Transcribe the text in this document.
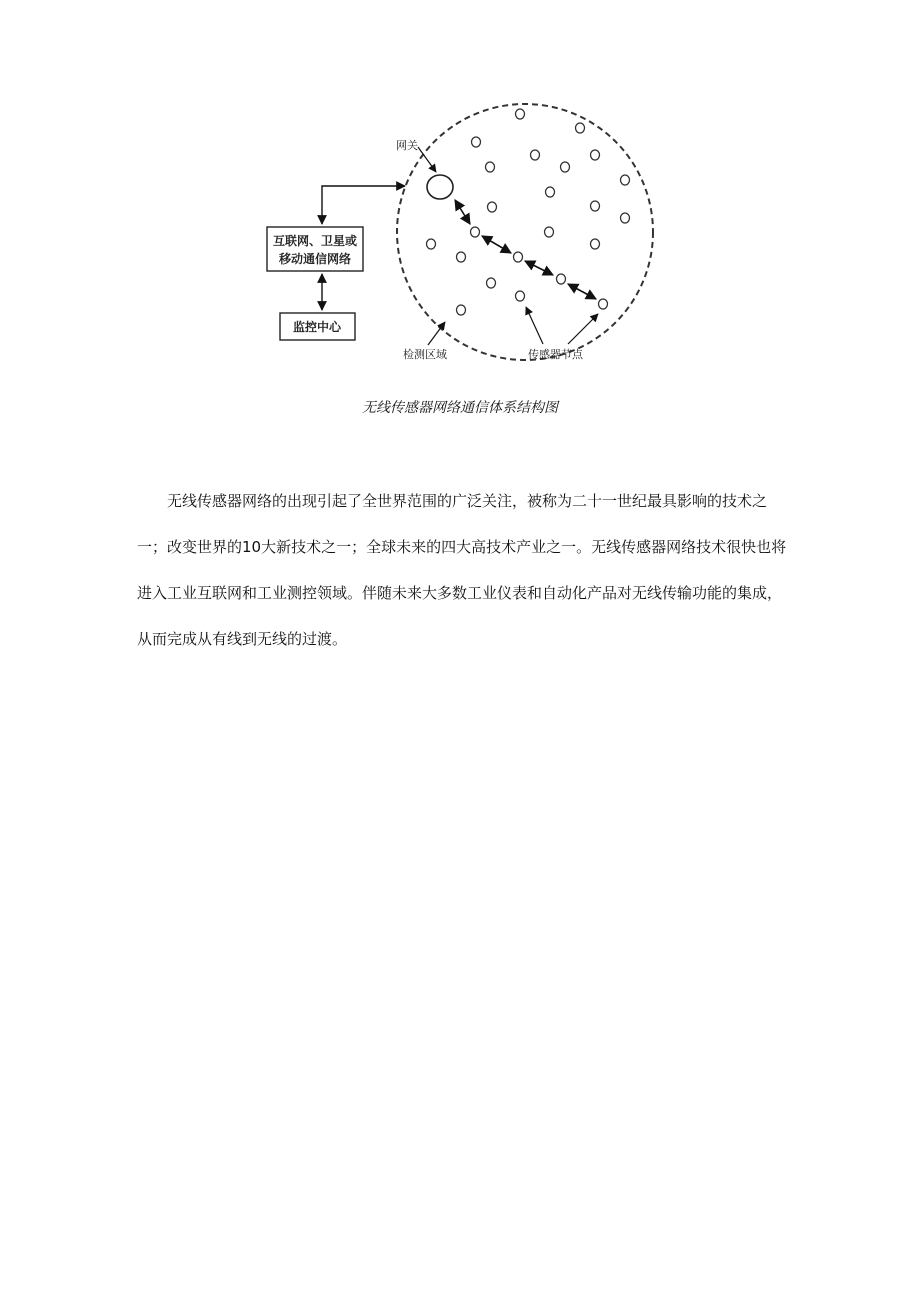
互联网、卫星或
移动通信网络
监控中心
网关
检测区域	传感器节点
无线传感器网络通信体系结构图

无线传感器网络的出现引起了全世界范围的广泛关注，被称为二十一世纪最具影响的技术之一；改变世界的10大新技术之一；全球未来的四大高技术产业之一。无线传感器网络技术很快也将进入工业互联网和工业测控领域。伴随未来大多数工业仪表和自动化产品对无线传输功能的集成，从而完成从有线到无线的过渡。
